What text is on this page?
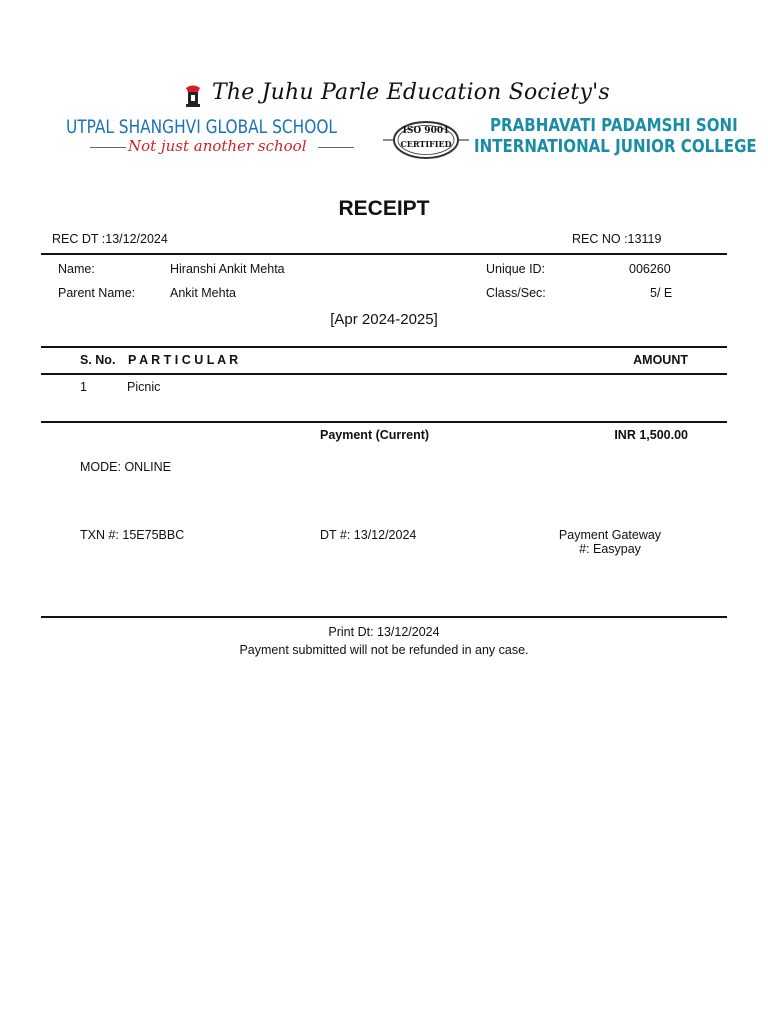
The Juhu Parle Education Society's
UTPAL SHANGHVI GLOBAL SCHOOL
Not just another school
ISO 9001
CERTIFIED
PRABHAVATI PADAMSHI SONI
INTERNATIONAL JUNIOR COLLEGE
RECEIPT
REC DT :13/12/2024	REC NO :13119
Name:	Hiranshi Ankit Mehta	Unique ID:	006260
Parent Name:	Ankit Mehta	Class/Sec:	5/ E
[Apr 2024-2025]
S. No. P A R T I C U L A R	AMOUNT
1	Picnic
Payment (Current)	INR 1,500.00
MODE: ONLINE
TXN #: 15E75BBC	DT #: 13/12/2024	Payment Gateway
#: Easypay
Print Dt: 13/12/2024
Payment submitted will not be refunded in any case.
